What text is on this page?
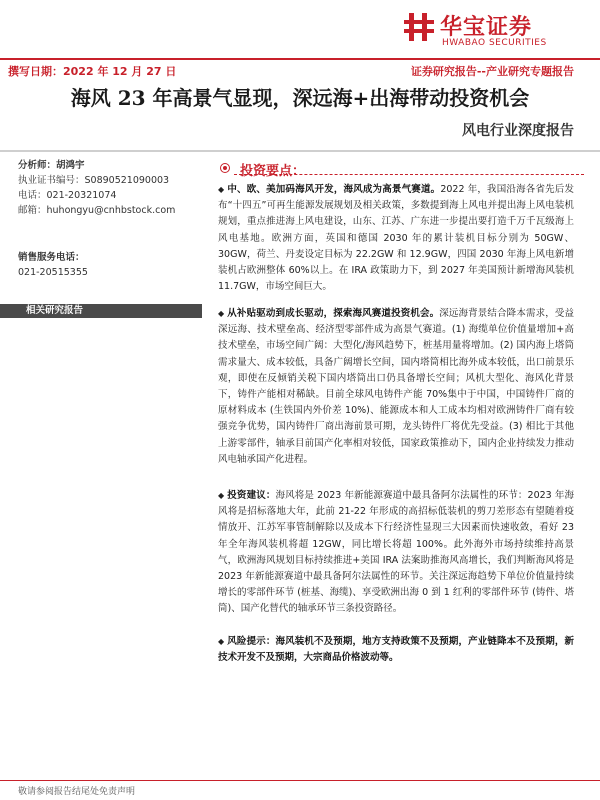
华宝证券
HWABAO SECURITIES
撰写日期：2022 年 12 月 27 日	证券研究报告--产业研究专题报告
海风 23 年高景气显现，深远海+出海带动投资机会
风电行业深度报告
分析师：胡鸿宇
执业证书编号：S0890521090003
电话：021-20321074
邮箱：huhongyu@cnhbstock.com
销售服务电话：
021-20515355
相关研究报告
投资要点：
◆ 中、欧、美加码海风开发，海风成为高景气赛道。2022 年，我国沿海各省先后发布“十四五”可再生能源发展规划及相关政策，多数提到海上风电并提出海上风电装机规划，重点推进海上风电建设，山东、江苏、广东进一步提出要打造千万千瓦级海上风电基地。欧洲方面，英国和德国 2030 年的累计装机目标分别为 50GW、30GW，荷兰、丹麦设定目标为 22.2GW 和 12.9GW，四国 2030 年海上风电新增装机占欧洲整体 60%以上。在 IRA 政策助力下，到 2027 年美国预计新增海风装机 11.7GW，市场空间巨大。
◆ 从补贴驱动到成长驱动，探索海风赛道投资机会。深远海背景结合降本需求，受益深远海、技术壁垒高、经济型零部件成为高景气赛道。(1) 海缆单位价值量增加+高技术壁垒，市场空间广阔：大型化/海风趋势下，桩基用量将增加。(2) 国内海上塔筒需求量大、成本较低，具备广阔增长空间，国内塔筒相比海外成本较低，出口前景乐观，即使在反倾销关税下国内塔筒出口仍具备增长空间；风机大型化、海风化背景下，铸件产能相对稀缺。目前全球风电铸件产能 70%集中于中国，中国铸件厂商的原材料成本 (生铁国内外价差 10%)、能源成本和人工成本均相对欧洲铸件厂商有较强竞争优势，国内铸件厂商出海前景可期，龙头铸件厂将优先受益。(3) 相比于其他上游零部件，轴承目前国产化率相对较低，国家政策推动下，国内企业持续发力推动风电轴承国产化进程。
◆ 投资建议：海风将是 2023 年新能源赛道中最具备阿尔法属性的环节：2023 年海风将是招标落地大年，此前 21-22 年形成的高招标低装机的剪刀差形态有望随着疫情放开、江苏军事管制解除以及成本下行经济性显现三大因素而快速收敛，看好 23 年全年海风装机将超 12GW，同比增长将超 100%。此外海外市场持续维持高景气，欧洲海风规划目标持续推进+美国 IRA 法案助推海风高增长，我们判断海风将是 2023 年新能源赛道中最具备阿尔法属性的环节。关注深远海趋势下单位价值量持续增长的零部件环节 (桩基、海缆)、享受欧洲出海 0 到 1 红利的零部件环节 (铸件、塔筒)、国产化替代的轴承环节三条投资路径。
◆ 风险提示：海风装机不及预期，地方支持政策不及预期，产业链降本不及预期，新技术开发不及预期，大宗商品价格波动等。
敬请参阅报告结尾处免责声明
